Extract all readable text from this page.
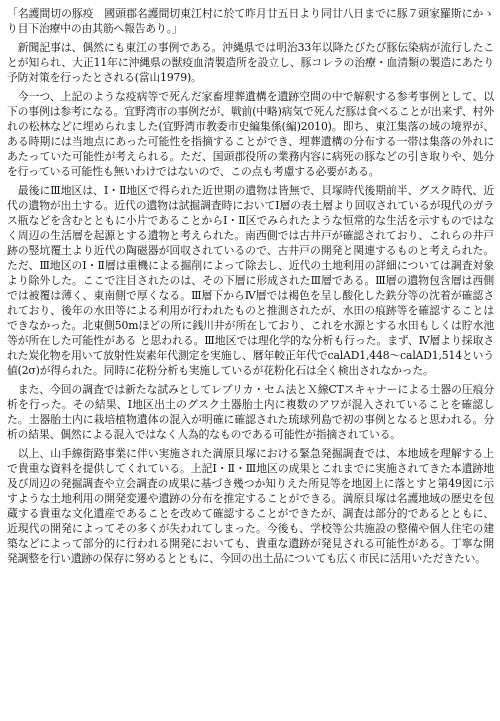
「名護間切の豚疫　國頭郡名護間切東江村に於て昨月廿五日より同廿八日までに豚７頭家羅斯にかゝり目下治療中の由其筋へ報告あり。」

新聞記事は、偶然にも東江の事例である。沖縄県では明治33年以降たびたび豚伝染病が流行したことが知られ、大正11年に沖縄県の獣疫血清製造所を設立し、豚コレラの治療・血清類の製造にあたり予防対策を行ったとされる(當山1979)。

今一つ、上記のような疫病等で死んだ家畜埋葬遺構を遺跡空間の中で解釈する参考事例として、以下の事例は参考になる。宜野湾市の事例だが、戦前(中略)病気で死んだ豚は食べることが出来ず、村外れの松林などに埋められました(宜野湾市教委市史編集係(編)2010)。即ち、東江集落の域の境界が、ある時期には当地点にあった可能性を指摘することができ、埋葬遺構の分布する一帯は集落の外れにあたっていた可能性が考えられる。ただ、国頭郡役所の業務内容に病死の豚などの引き取りや、処分を行っている可能性も無いわけではないので、この点も考慮する必要がある。

最後にⅢ地区は、Ⅰ・Ⅱ地区で得られた近世期の遺物は皆無で、貝塚時代後期前半、グスク時代、近代の遺物が出土する。近代の遺物は試掘調査時においてⅠ層の表土層より回収されているが現代のガラス瓶などを含むとともに小片であることからⅠ・Ⅱ区でみられたような恒常的な生活を示すものではなく周辺の生活層を起源とする遺物と考えられた。南西側では古井戸が確認されており、これらの井戸跡の竪坑覆土より近代の陶磁器が回収されているので、古井戸の開発と関連するものと考えられた。ただ、Ⅲ地区のⅠ・Ⅱ層は重機による掘削によって除去し、近代の土地利用の詳細については調査対象より除外した。ここで注目されたのは、その下層に形成されたⅢ層である。Ⅲ層の遺物包含層は西側では被覆は薄く、東南側で厚くなる。Ⅲ層下からⅣ層では褐色を呈し酸化した鉄分等の沈着が確認されており、後年の水田等による利用が行われたものと推測されたが、水田の痕跡等を確認することはできなかった。北東側50mほどの所に銭川井が所在しており、これを水源とする水田もしくは貯水池等が所在した可能性がある と思われる。Ⅲ地区では理化学的な分析も行った。まず、Ⅳ層より採取された炭化物を用いて放射性炭素年代測定を実施し、暦年較正年代でcalAD1,448～calAD1,514という値(2σ)が得られた。同時に花粉分析も実施しているが花粉化石は全く検出されなかった。

また、今回の調査では新たな試みとしてレプリカ・セム法とＸ線CTスキャナーによる土器の圧痕分析を行った。その結果、Ⅰ地区出土のグスク土器胎土内に複数のアワが混入されていることを確認した。土器胎土内に栽培植物遺体の混入が明確に確認された琉球列島で初の事例となると思われる。分析の結果、偶然による混入ではなく人為的なものである可能性が指摘されている。

以上、山手線街路事業に伴い実施された満原貝塚における緊急発掘調査では、本地域を理解する上で貴重な資料を提供してくれている。上記Ⅰ・Ⅱ・Ⅲ地区の成果とこれまでに実施されてきた本遺跡地及び周辺の発掘調査や立会調査の成果に基づき幾つか知りえた所見等を地図上に落とすと第49図に示すような土地利用の開発変遷や遺跡の分布を推定することができる。満原貝塚は名護地域の歴史を包蔵する貴重な文化遺産であることを改めて確認することができたが、調査は部分的であるとともに、近現代の開発によってその多くが失われてしまった。今後も、学校等公共施設の整備や個人住宅の建築などによって部分的に行われる開発においても、貴重な遺跡が発見される可能性がある。丁寧な開発調整を行い遺跡の保存に努めるとともに、今回の出土品についても広く市民に活用いただきたい。
